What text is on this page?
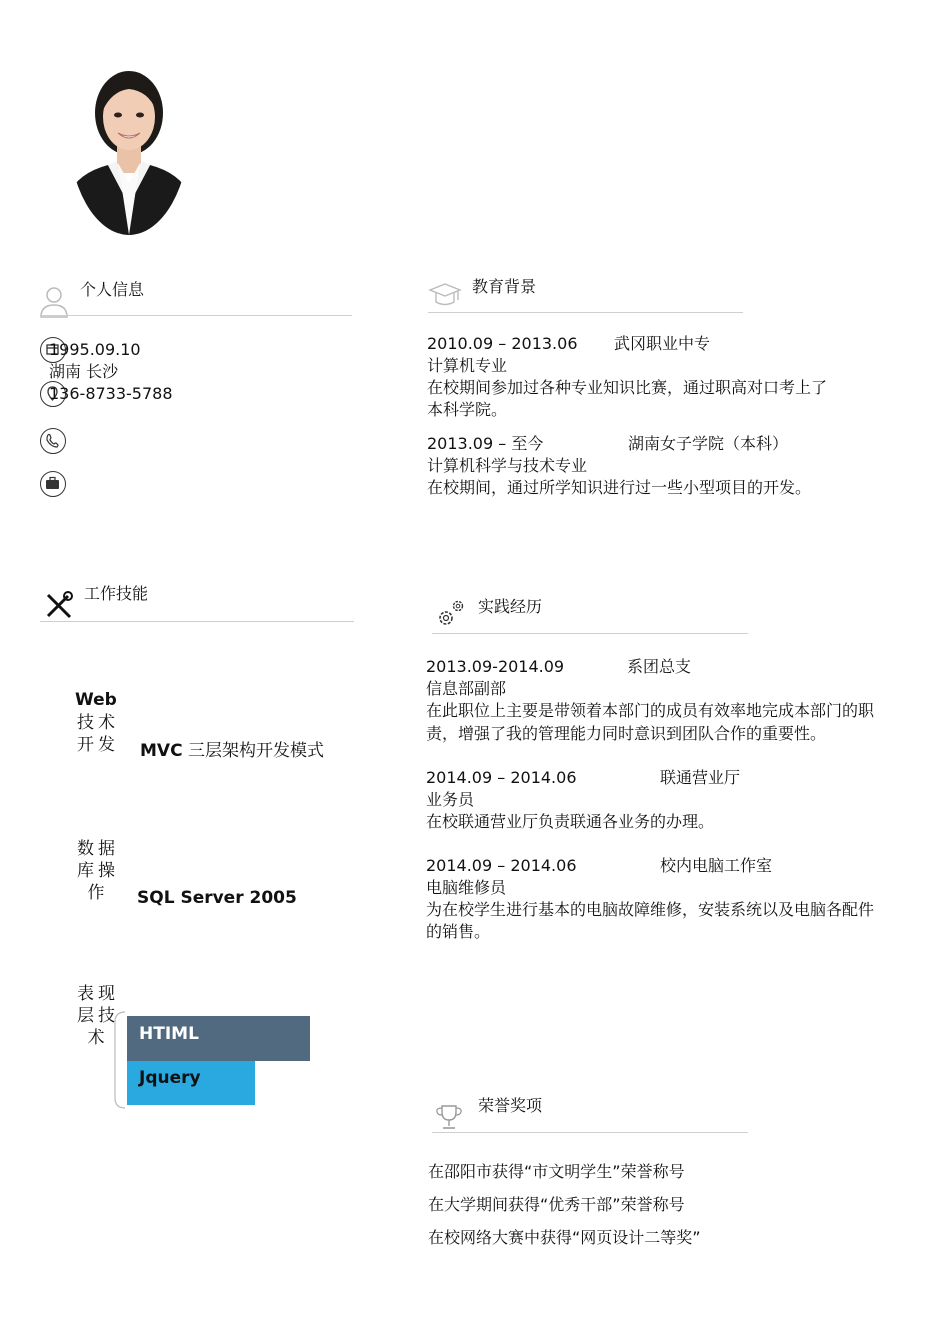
个人信息
1995.09.10
湖南 长沙
136-8733-5788
教育背景
2010.09 – 2013.06 武冈职业中专
计算机专业
在校期间参加过各种专业知识比赛，通过职高对口考上了
本科学院。
2013.09 – 至今	湖南女子学院（本科）
计算机科学与技术专业
在校期间，通过所学知识进行过一些小型项目的开发。
工作技能
Web
技术开发 MVC 三层架构开发模式
数据库操作	SQL Server 2005
表现层技术	HTIML
Jquery
实践经历
2013.09-2014.09	系团总支
信息部副部
在此职位上主要是带领着本部门的成员有效率地完成本部门的职
责，增强了我的管理能力同时意识到团队合作的重要性。
2014.09 – 2014.06	联通营业厅
业务员
在校联通营业厅负责联通各业务的办理。
2014.09 – 2014.06	校内电脑工作室
电脑维修员
为在校学生进行基本的电脑故障维修，安装系统以及电脑各配件
的销售。
荣誉奖项
在邵阳市获得“市文明学生”荣誉称号
在大学期间获得“优秀干部”荣誉称号
在校网络大赛中获得“网页设计二等奖”
